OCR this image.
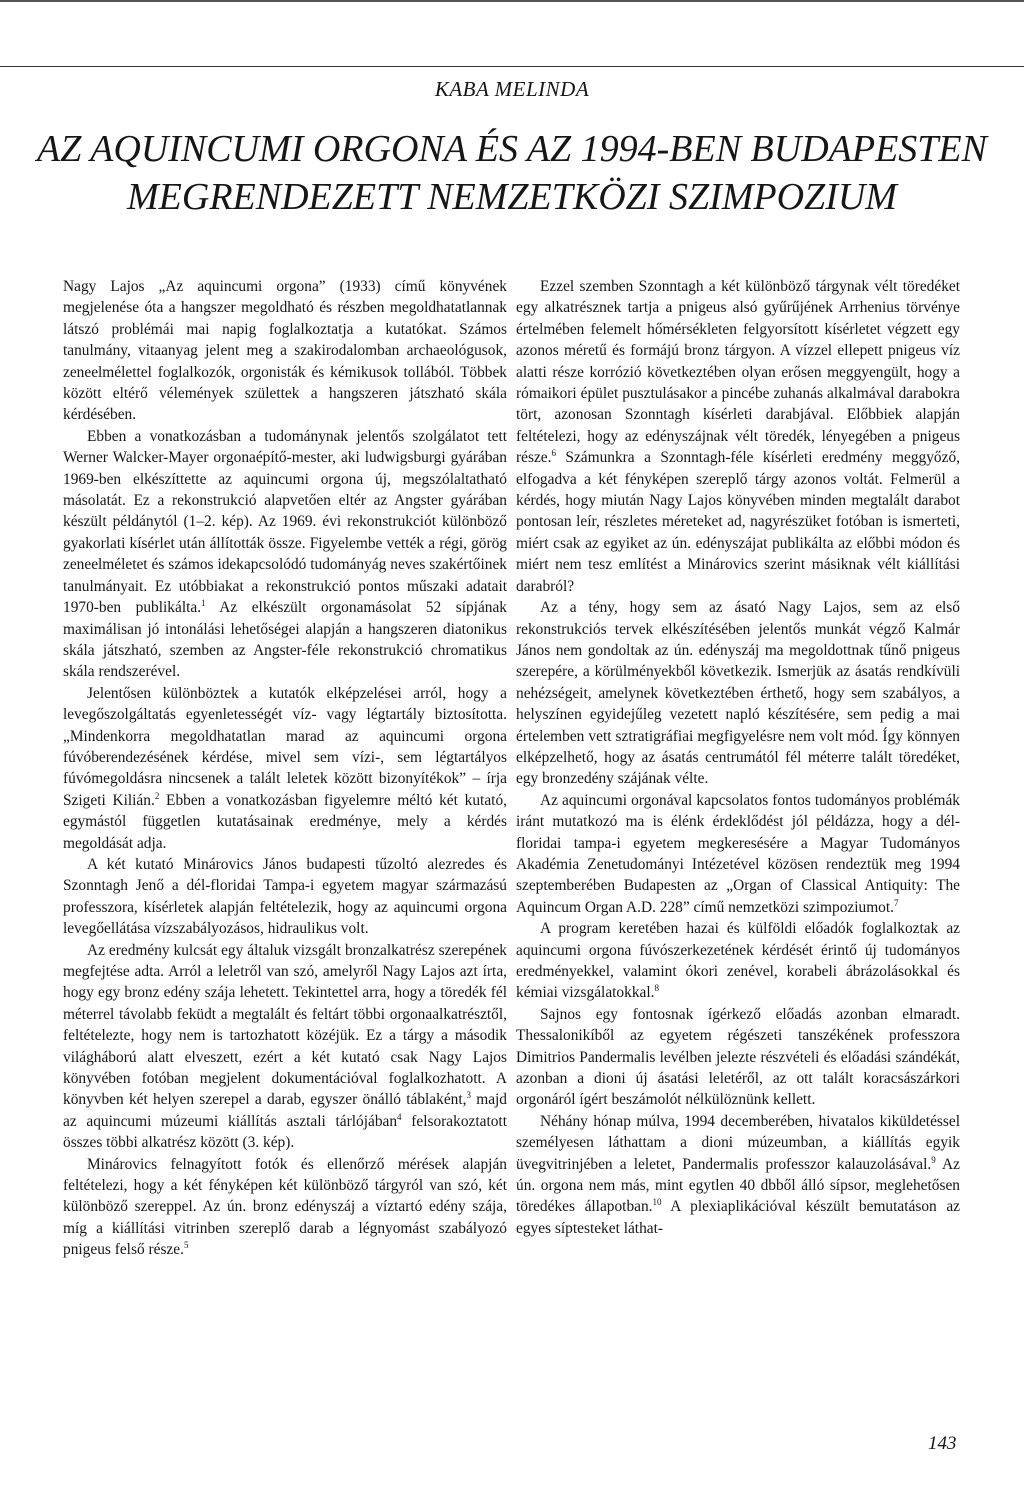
KABA MELINDA
AZ AQUINCUMI ORGONA ÉS AZ 1994-BEN BUDAPESTEN
MEGRENDEZETT NEMZETKÖZI SZIMPOZIUM

Nagy Lajos „Az aquincumi orgona” (1933) című könyvének megjelenése óta a hangszer megoldható és részben megoldhatatlannak látszó problémái mai napig foglalkoztatja a kutatókat. Számos tanulmány, vitaanyag jelent meg a szakirodalomban archaeológusok, zeneelmélettel foglalkozók, orgonisták és kémikusok tollából. Többek között eltérő vélemények születtek a hangszeren játszható skála kérdésében.

Ebben a vonatkozásban a tudománynak jelentős szolgálatot tett Werner Walcker-Mayer orgonaépítő-mester, aki ludwigsburgi gyárában 1969-ben elkészíttette az aquincumi orgona új, megszólaltatható másolatát. Ez a rekonstrukció alapvetően eltér az Angster gyárában készült példánytól (1–2. kép). Az 1969. évi rekonstrukciót különböző gyakorlati kísérlet után állították össze. Figyelembe vették a régi, görög zeneelméletet és számos idekapcsolódó tudományág neves szakértőinek tanulmányait. Ez utóbbiakat a rekonstrukció pontos műszaki adatait 1970-ben publikálta.$^1$ Az elkészült orgonamásolat 52 sípjának maximálisan jó intonálási lehetőségei alapján a hangszeren diatonikus skála játszható, szemben az Angster-féle rekonstrukció chromatikus skála rendszerével.

Jelentősen különböztek a kutatók elképzelései arról, hogy a levegőszolgáltatás egyenletességét víz- vagy légtartály biztosította. „Mindenkorra megoldhatatlan marad az aquincumi orgona fúvóberendezésének kérdése, mivel sem vízi-, sem légtartályos fúvómegoldásra nincsenek a talált leletek között bizonyítékok” – írja Szigeti Kilián.$^2$ Ebben a vonatkozásban figyelemre méltó két kutató, egymástól független kutatásainak eredménye, mely a kérdés megoldását adja.

A két kutató Minárovics János budapesti tűzoltó alezredes és Szonntagh Jenő a dél-floridai Tampa-i egyetem magyar származású professzora, kísérletek alapján feltételezik, hogy az aquincumi orgona levegőellátása vízszabályozásos, hidraulikus volt.

Az eredmény kulcsát egy általuk vizsgált bronzalkatrész szerepének megfejtése adta. Arról a leletről van szó, amelyről Nagy Lajos azt írta, hogy egy bronz edény szája lehetett. Tekintettel arra, hogy a töredék fél méterrel távolabb feküdt a megtalált és feltárt többi orgonaalkatrésztől, feltételezte, hogy nem is tartozhatott közéjük. Ez a tárgy a második világháború alatt elveszett, ezért a két kutató csak Nagy Lajos könyvében fotóban megjelent dokumentációval foglalkozhatott. A könyvben két helyen szerepel a darab, egyszer önálló táblaként,$^3$ majd az aquincumi múzeumi kiállítás asztali tárlójában$^4$ felsorakoztatott összes többi alkatrész között (3. kép).

Minárovics felnagyított fotók és ellenőrző mérések alapján feltételezi, hogy a két fényképen két különböző tárgyról van szó, két különböző szereppel. Az ún. bronz edényszáj a víztartó edény szája, míg a kiállítási vitrinben szereplő darab a légnyomást szabályozó pnigeus felső része.$^5$

Ezzel szemben Szonntagh a két különböző tárgynak vélt töredéket egy alkatrésznek tartja a pnigeus alsó gyűrűjének Arrhenius törvénye értelmében felemelt hőmérsékleten felgyorsított kísérletet végzett egy azonos méretű és formájú bronz tárgyon. A vízzel ellepett pnigeus víz alatti része korrózió következtében olyan erősen meggyengült, hogy a rómaikori épület pusztulásakor a pincébe zuhanás alkalmával darabokra tört, azonosan Szonntagh kísérleti darabjával. Előbbiek alapján feltételezi, hogy az edényszájnak vélt töredék, lényegében a pnigeus része.$^6$ Számunkra a Szonntagh-féle kísérleti eredmény meggyőző, elfogadva a két fényképen szereplő tárgy azonos voltát. Felmerül a kérdés, hogy miután Nagy Lajos könyvében minden megtalált darabot pontosan leír, részletes méreteket ad, nagyrészüket fotóban is ismerteti, miért csak az egyiket az ún. edényszájat publikálta az előbbi módon és miért nem tesz említést a Minárovics szerint másiknak vélt kiállítási darabról?

Az a tény, hogy sem az ásató Nagy Lajos, sem az első rekonstrukciós tervek elkészítésében jelentős munkát végző Kalmár János nem gondoltak az ún. edényszáj ma megoldottnak tűnő pnigeus szerepére, a körülményekből következik. Ismerjük az ásatás rendkívüli nehézségeit, amelynek következtében érthető, hogy sem szabályos, a helyszínen egyidejűleg vezetett napló készítésére, sem pedig a mai értelemben vett sztratigráfiai megfigyelésre nem volt mód. Így könnyen elképzelhető, hogy az ásatás centrumától fél méterre talált töredéket, egy bronzedény szájának vélte.

Az aquincumi orgonával kapcsolatos fontos tudományos problémák iránt mutatkozó ma is élénk érdeklődést jól példázza, hogy a dél-floridai tampa-i egyetem megkeresésére a Magyar Tudományos Akadémia Zenetudományi Intézetével közösen rendeztük meg 1994 szeptemberében Budapesten az „Organ of Classical Antiquity: The Aquincum Organ A.D. 228” című nemzetközi szimpoziumot.$^7$

A program keretében hazai és külföldi előadók foglalkoztak az aquincumi orgona fúvószerkezetének kérdését érintő új tudományos eredményekkel, valamint ókori zenével, korabeli ábrázolásokkal és kémiai vizsgálatokkal.$^8$

Sajnos egy fontosnak ígérkező előadás azonban elmaradt. Thessalonikíből az egyetem régészeti tanszékének professzora Dimitrios Pandermalis levélben jelezte részvételi és előadási szándékát, azonban a dioni új ásatási leletéről, az ott talált koracsászárkori orgonáról ígért beszámolót nélkülöznünk kellett.

Néhány hónap múlva, 1994 decemberében, hivatalos kiküldetéssel személyesen láthattam a dioni múzeumban, a kiállítás egyik üvegvitrinjében a leletet, Pandermalis professzor kalauzolásával.$^9$ Az ún. orgona nem más, mint egytlen 40 dbből álló sípsor, meglehetősen töredékes állapotban.$^{10}$ A plexiaplikációval készült bemutatáson az egyes síptesteket láthat-

143
